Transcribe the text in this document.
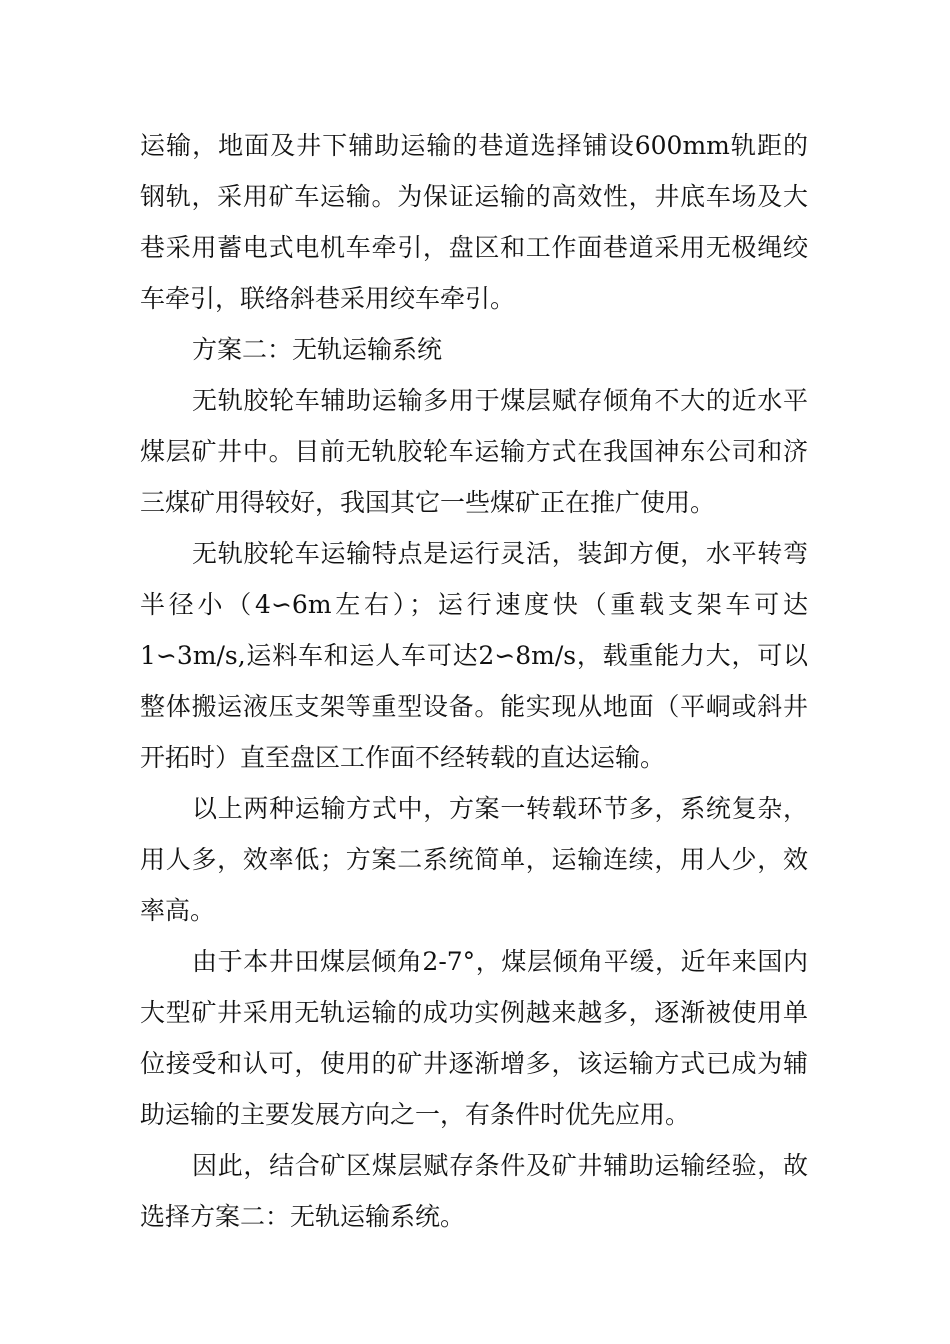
运输，地面及井下辅助运输的巷道选择铺设600mm轨距的钢轨，采用矿车运输。为保证运输的高效性，井底车场及大巷采用蓄电式电机车牵引，盘区和工作面巷道采用无极绳绞车牵引，联络斜巷采用绞车牵引。

方案二：无轨运输系统

无轨胶轮车辅助运输多用于煤层赋存倾角不大的近水平煤层矿井中。目前无轨胶轮车运输方式在我国神东公司和济三煤矿用得较好，我国其它一些煤矿正在推广使用。

无轨胶轮车运输特点是运行灵活，装卸方便，水平转弯半径小（4∽6m左右）；运行速度快（重载支架车可达1∽3m/s,运料车和运人车可达2∽8m/s，载重能力大，可以整体搬运液压支架等重型设备。能实现从地面（平峒或斜井开拓时）直至盘区工作面不经转载的直达运输。

以上两种运输方式中，方案一转载环节多，系统复杂，用人多，效率低；方案二系统简单，运输连续，用人少，效率高。

由于本井田煤层倾角2-7°，煤层倾角平缓，近年来国内大型矿井采用无轨运输的成功实例越来越多，逐渐被使用单位接受和认可，使用的矿井逐渐增多，该运输方式已成为辅助运输的主要发展方向之一，有条件时优先应用。

因此，结合矿区煤层赋存条件及矿井辅助运输经验，故选择方案二：无轨运输系统。
